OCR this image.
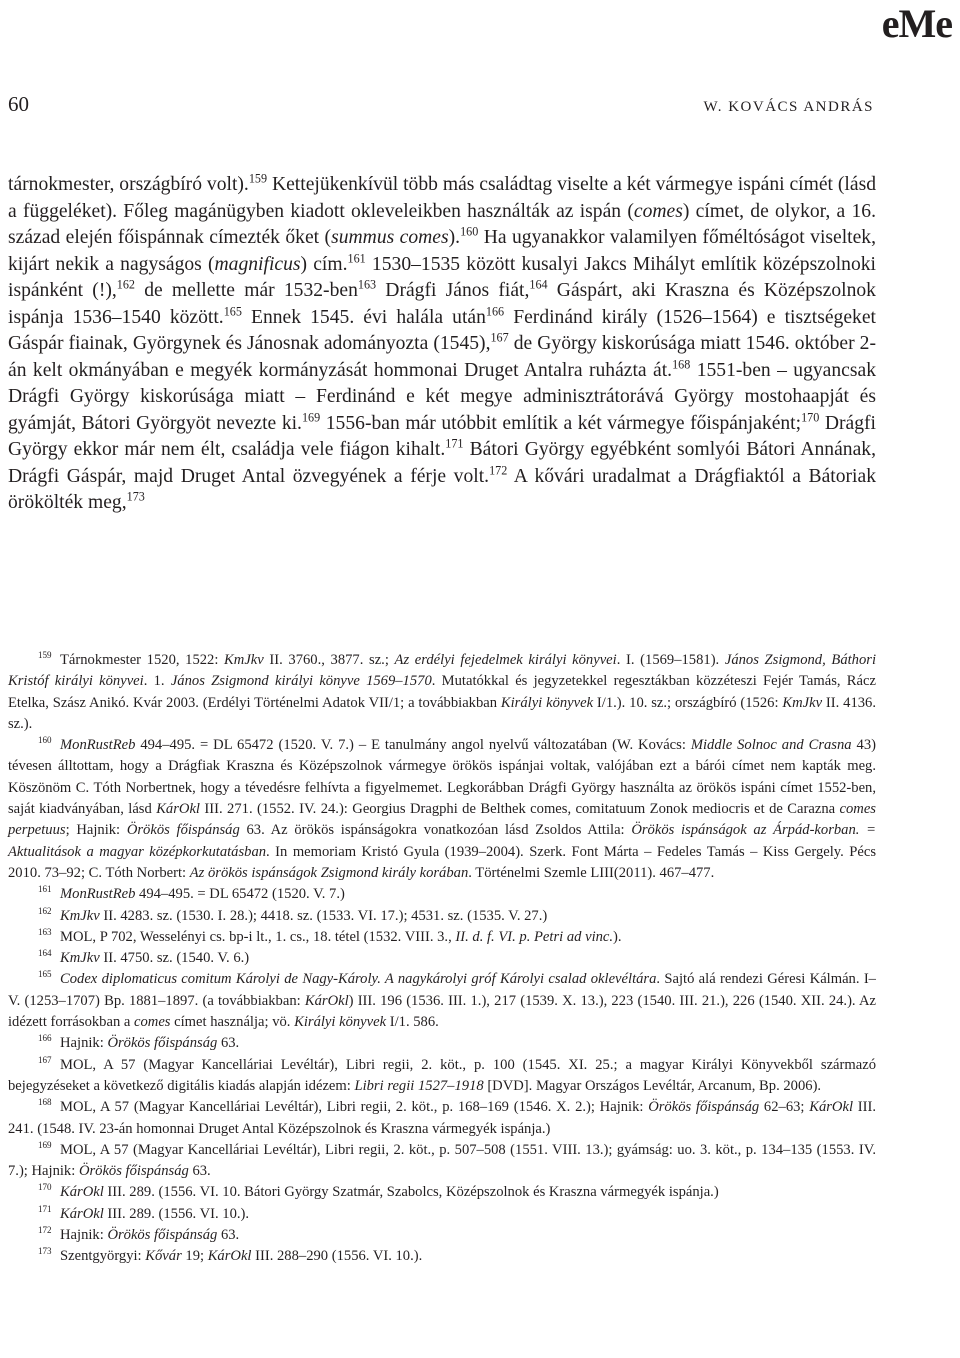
eMe
60	W. KOVÁCS ANDRÁS

tárnokmester, országbíró volt).$^{159}$ Kettejükenkívül több más családtag viselte a két vármegye ispáni címét (lásd a függeléket). Főleg magánügyben kiadott okleveleikben használták az ispán (comes) címet, de olykor, a 16. század elején főispánnak címezték őket (summus comes).$^{160}$ Ha ugyanakkor valamilyen főméltóságot viseltek, kijárt nekik a nagyságos (magnificus) cím.$^{161}$ 1530–1535 között kusalyi Jakcs Mihályt említik középszolnoki ispánként (!),$^{162}$ de mellette már 1532-ben$^{163}$ Drágfi János fiát,$^{164}$ Gáspárt, aki Kraszna és Középszolnok ispánja 1536–1540 között.$^{165}$ Ennek 1545. évi halála után$^{166}$ Ferdinánd király (1526–1564) e tisztségeket Gáspár fiainak, Györgynek és Jánosnak adományozta (1545),$^{167}$ de György kiskorúsága miatt 1546. október 2-án kelt okmányában e megyék kormányzását hommonai Druget Antalra ruházta át.$^{168}$ 1551-ben – ugyancsak Drágfi György kiskorúsága miatt – Ferdinánd e két megye adminisztrátorává György mostohaapját és gyámját, Bátori Györgyöt nevezte ki.$^{169}$ 1556-ban már utóbbit említik a két vármegye főispánjaként;$^{170}$ Drágfi György ekkor már nem élt, családja vele fiágon kihalt.$^{171}$ Bátori György egyébként somlyói Bátori Annának, Drágfi Gáspár, majd Druget Antal özvegyének a férje volt.$^{172}$ A kővári uradalmat a Drágfiaktól a Bátoriak örökölték meg,$^{173}$

$^{159}$ Tárnokmester 1520, 1522: KmJkv II. 3760., 3877. sz.; Az erdélyi fejedelmek királyi könyvei. I. (1569–1581). János Zsigmond, Báthori Kristóf királyi könyvei. 1. János Zsigmond királyi könyve 1569–1570. Mutatókkal és jegyzetekkel regesztákban közzéteszi Fejér Tamás, Rácz Etelka, Szász Anikó. Kvár 2003. (Erdélyi Történelmi Adatok VII/1; a továbbiakban Királyi könyvek I/1.). 10. sz.; országbíró (1526: KmJkv II. 4136. sz.).

$^{160}$ MonRustReb 494–495. = DL 65472 (1520. V. 7.) – E tanulmány angol nyelvű változatában (W. Kovács: Middle Solnoc and Crasna 43) tévesen álltottam, hogy a Drágfiak Kraszna és Középszolnok vármegye örökös ispánjai voltak, valójában ezt a bárói címet nem kapták meg. Köszönöm C. Tóth Norbertnek, hogy a tévedésre felhívta a figyelmemet. Legkorábban Drágfi György használta az örökös ispáni címet 1552-ben, saját kiadványában, lásd KárOkl III. 271. (1552. IV. 24.): Georgius Dragphi de Belthek comes, comitatuum Zonok mediocris et de Carazna comes perpetuus; Hajnik: Örökös főispánság 63. Az örökös ispánságokra vonatkozóan lásd Zsoldos Attila: Örökös ispánságok az Árpád-korban. = Aktualitások a magyar középkorkutatásban. In memoriam Kristó Gyula (1939–2004). Szerk. Font Márta – Fedeles Tamás – Kiss Gergely. Pécs 2010. 73–92; C. Tóth Norbert: Az örökös ispánságok Zsigmond király korában. Történelmi Szemle LIII(2011). 467–477.

$^{161}$ MonRustReb 494–495. = DL 65472 (1520. V. 7.)

$^{162}$ KmJkv II. 4283. sz. (1530. I. 28.); 4418. sz. (1533. VI. 17.); 4531. sz. (1535. V. 27.)

$^{163}$ MOL, P 702, Wesselényi cs. bp-i lt., 1. cs., 18. tétel (1532. VIII. 3., II. d. f. VI. p. Petri ad vinc.).

$^{164}$ KmJkv II. 4750. sz. (1540. V. 6.)

$^{165}$ Codex diplomaticus comitum Károlyi de Nagy-Károly. A nagykárolyi gróf Károlyi csalad oklevéltára. Sajtó alá rendezi Géresi Kálmán. I–V. (1253–1707) Bp. 1881–1897. (a továbbiakban: KárOkl) III. 196 (1536. III. 1.), 217 (1539. X. 13.), 223 (1540. III. 21.), 226 (1540. XII. 24.). Az idézett forrásokban a comes címet használja; vö. Királyi könyvek I/1. 586.

$^{166}$ Hajnik: Örökös főispánság 63.

$^{167}$ MOL, A 57 (Magyar Kancelláriai Levéltár), Libri regii, 2. köt., p. 100 (1545. XI. 25.; a magyar Királyi Könyvekből származó bejegyzéseket a következő digitális kiadás alapján idézem: Libri regii 1527–1918 [DVD]. Magyar Országos Levéltár, Arcanum, Bp. 2006).

$^{168}$ MOL, A 57 (Magyar Kancelláriai Levéltár), Libri regii, 2. köt., p. 168–169 (1546. X. 2.); Hajnik: Örökös főispánság 62–63; KárOkl III. 241. (1548. IV. 23-án homonnai Druget Antal Középszolnok és Kraszna vármegyék ispánja.)

$^{169}$ MOL, A 57 (Magyar Kancelláriai Levéltár), Libri regii, 2. köt., p. 507–508 (1551. VIII. 13.); gyámság: uo. 3. köt., p. 134–135 (1553. IV. 7.); Hajnik: Örökös főispánság 63.

$^{170}$ KárOkl III. 289. (1556. VI. 10. Bátori György Szatmár, Szabolcs, Középszolnok és Kraszna vármegyék ispánja.)

$^{171}$ KárOkl III. 289. (1556. VI. 10.).

$^{172}$ Hajnik: Örökös főispánság 63.

$^{173}$ Szentgyörgyi: Kővár 19; KárOkl III. 288–290 (1556. VI. 10.).
